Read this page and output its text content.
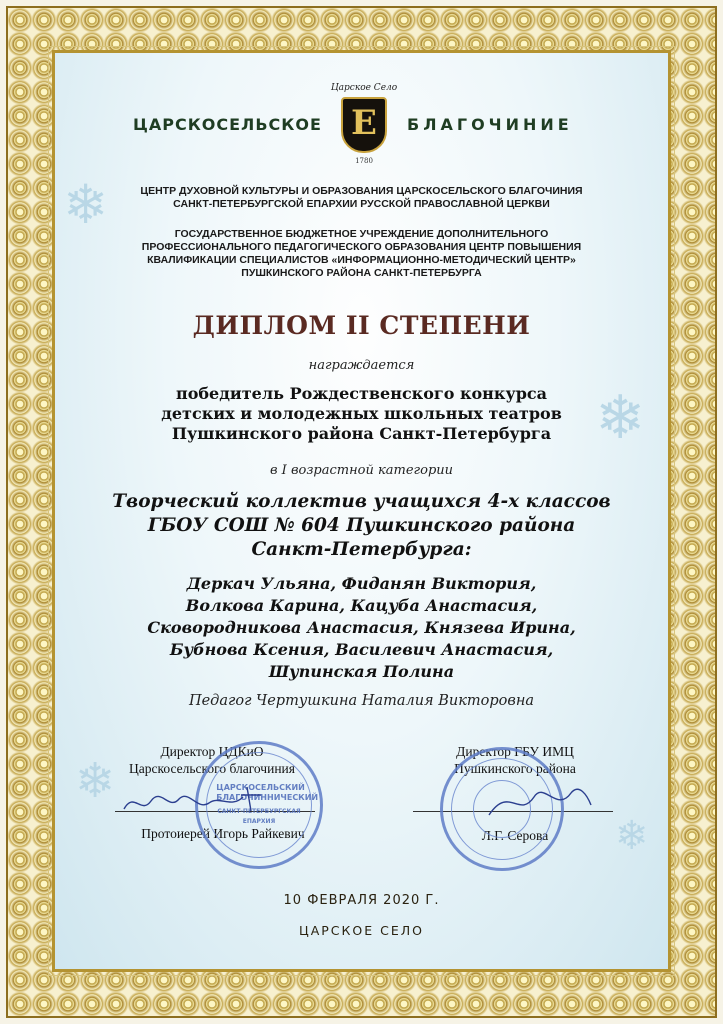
❄
❄
❄
❄
Царское Село
ЦАРСКОСЕЛЬСКОЕ Е	БЛАГОЧИНИЕ
1780
ЦЕНТР ДУХОВНОЙ КУЛЬТУРЫ И ОБРАЗОВАНИЯ ЦАРСКОСЕЛЬСКОГО БЛАГОЧИНИЯ
САНКТ-ПЕТЕРБУРГСКОЙ ЕПАРХИИ РУССКОЙ ПРАВОСЛАВНОЙ ЦЕРКВИ
ГОСУДАРСТВЕННОЕ БЮДЖЕТНОЕ УЧРЕЖДЕНИЕ ДОПОЛНИТЕЛЬНОГО
ПРОФЕССИОНАЛЬНОГО ПЕДАГОГИЧЕСКОГО ОБРАЗОВАНИЯ ЦЕНТР ПОВЫШЕНИЯ
КВАЛИФИКАЦИИ СПЕЦИАЛИСТОВ «ИНФОРМАЦИОННО-МЕТОДИЧЕСКИЙ ЦЕНТР»
ПУШКИНСКОГО РАЙОНА САНКТ-ПЕТЕРБУРГА
ДИПЛОМ II СТЕПЕНИ
награждается
победитель Рождественского конкурса
детских и молодежных школьных театров
Пушкинского района Санкт-Петербурга
в I возрастной категории
Творческий коллектив учащихся 4-х классов
ГБОУ СОШ № 604 Пушкинского района
Санкт-Петербурга:
Деркач Ульяна, Фиданян Виктория,
Волкова Карина, Кацуба Анастасия,
Сковородникова Анастасия, Князева Ирина,
Бубнова Ксения, Василевич Анастасия,
Шупинская Полина
Педагог Чертушкина Наталия Викторовна
Директор ЦДКиО
Царскосельского благочиния
Протоиерей Игорь Райкевич
Директор ГБУ ИМЦ
Пушкинского района
Л.Г. Серова
ЦАРСКОСЕЛЬСКИЙ
БЛАГОЧИННИЧЕСКИЙ
САНКТ-ПЕТЕРБУРГСКАЯ ЕПАРХИЯ
10 ФЕВРАЛЯ 2020 Г.
ЦАРСКОЕ СЕЛО
